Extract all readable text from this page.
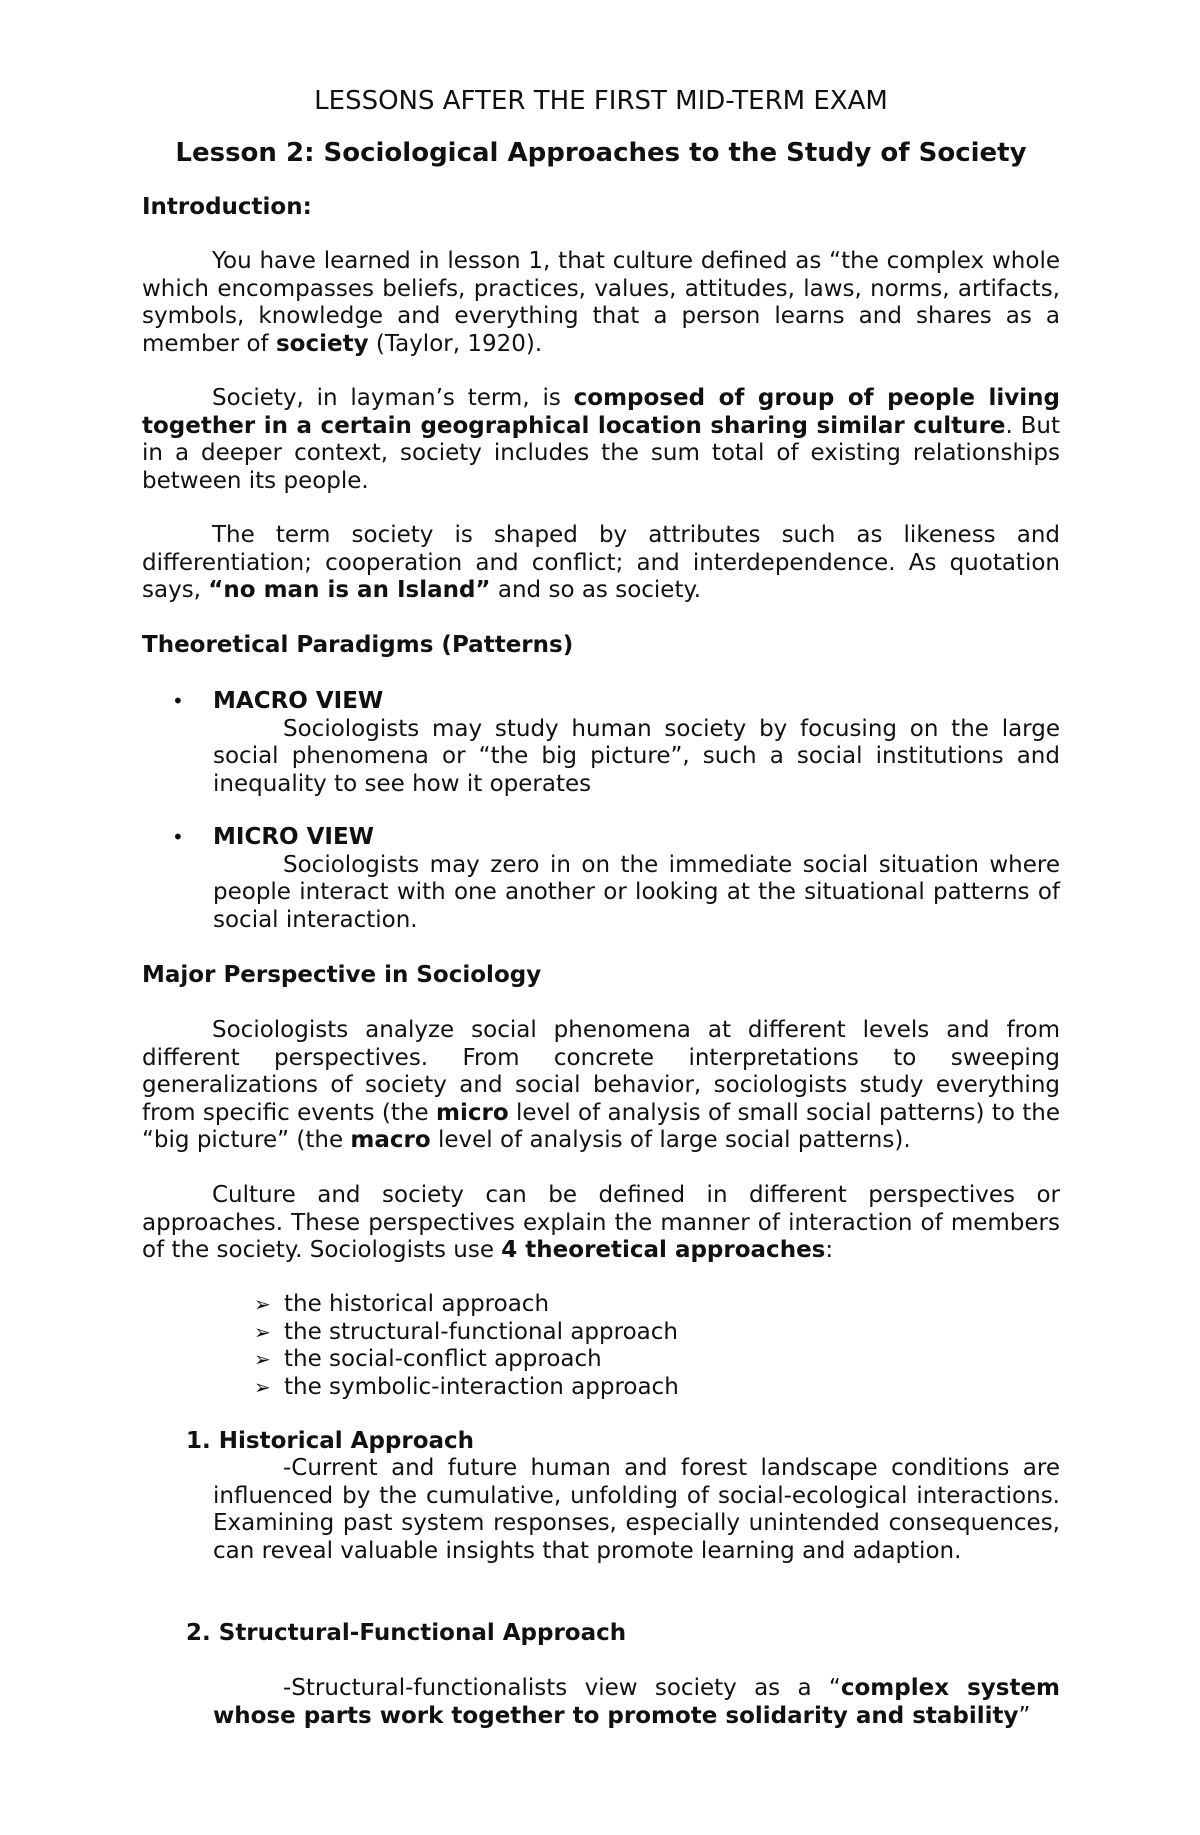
LESSONS AFTER THE FIRST MID-TERM EXAM
Lesson 2: Sociological Approaches to the Study of Society
Introduction:

You have learned in lesson 1, that culture defined as “the complex whole which encompasses beliefs, practices, values, attitudes, laws, norms, artifacts, symbols, knowledge and everything that a person learns and shares as a member of society (Taylor, 1920).

Society, in layman’s term, is composed of group of people living together in a certain geographical location sharing similar culture. But in a deeper context, society includes the sum total of existing relationships between its people.

The term society is shaped by attributes such as likeness and differentiation; cooperation and conflict; and interdependence. As quotation says, “no man is an Island” and so as society.

Theoretical Paradigms (Patterns)
• MACRO VIEW

Sociologists may study human society by focusing on the large social phenomena or “the big picture”, such a social institutions and inequality to see how it operates

• MICRO VIEW

Sociologists may zero in on the immediate social situation where people interact with one another or looking at the situational patterns of social interaction.

Major Perspective in Sociology

Sociologists analyze social phenomena at different levels and from different perspectives. From concrete interpretations to sweeping generalizations of society and social behavior, sociologists study everything from specific events (the micro level of analysis of small social patterns) to the “big picture” (the macro level of analysis of large social patterns).

Culture and society can be defined in different perspectives or approaches. These perspectives explain the manner of interaction of members of the society. Sociologists use 4 theoretical approaches:

➢ the historical approach
➢ the structural-functional approach
➢ the social-conflict approach
➢ the symbolic-interaction approach
1. Historical Approach

-Current and future human and forest landscape conditions are influenced by the cumulative, unfolding of social-ecological interactions. Examining past system responses, especially unintended consequences, can reveal valuable insights that promote learning and adaption.

2. Structural-Functional Approach

-Structural-functionalists view society as a “complex system whose parts work together to promote solidarity and stability”
